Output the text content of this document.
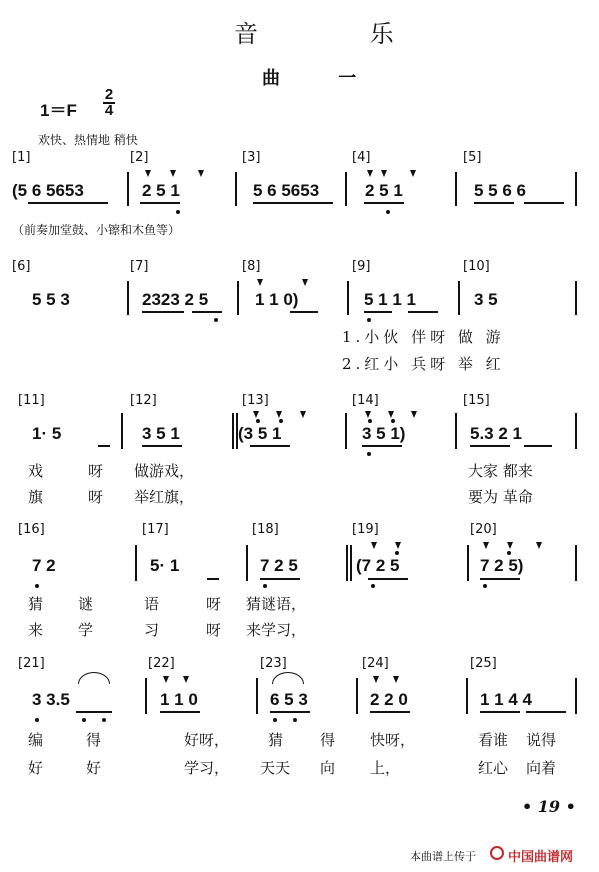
音 乐
曲 一
1＝F
2
4
欢快、热情地 稍快
[1]	[2]	[3]	[4]	[5]
(5 6 5653	2 5 1	5 6 5653	2 5 1	5 5 6 6
（前奏加堂鼓、小镲和木鱼等）
[6]	[7]	[8]	[9]	[10]
5 5 3	2323 2 5	1 1 0)	5 1 1 1	3 5
1.小伙 伴呀 做 游
2.红小 兵呀 举 红
[11]	[12]	[13]	[14]	[15]
1· 5	3 5 1	(3 5 1	3 5 1)	5.3 2 1
戏	呀 做游戏，	大家 都来
旗	呀 举红旗，	要为 革命
[16]	[17]	[18]	[19]	[20]
7 2	5· 1	7 2 5	(7 2 5	7 2 5)
猜 谜	语	呀 猜谜语，
来 学	习	呀 来学习，
[21]	[22]	[23]	[24]	[25]
3 3.5	1 1 0	6 5 3	2 2 0	1 1 4 4
编	得	好呀，	猜 得 快呀，	看谁 说得
好	好	学习， 天天 向 上，	红心 向着
• 19 •
本曲谱上传于 中国曲谱网
